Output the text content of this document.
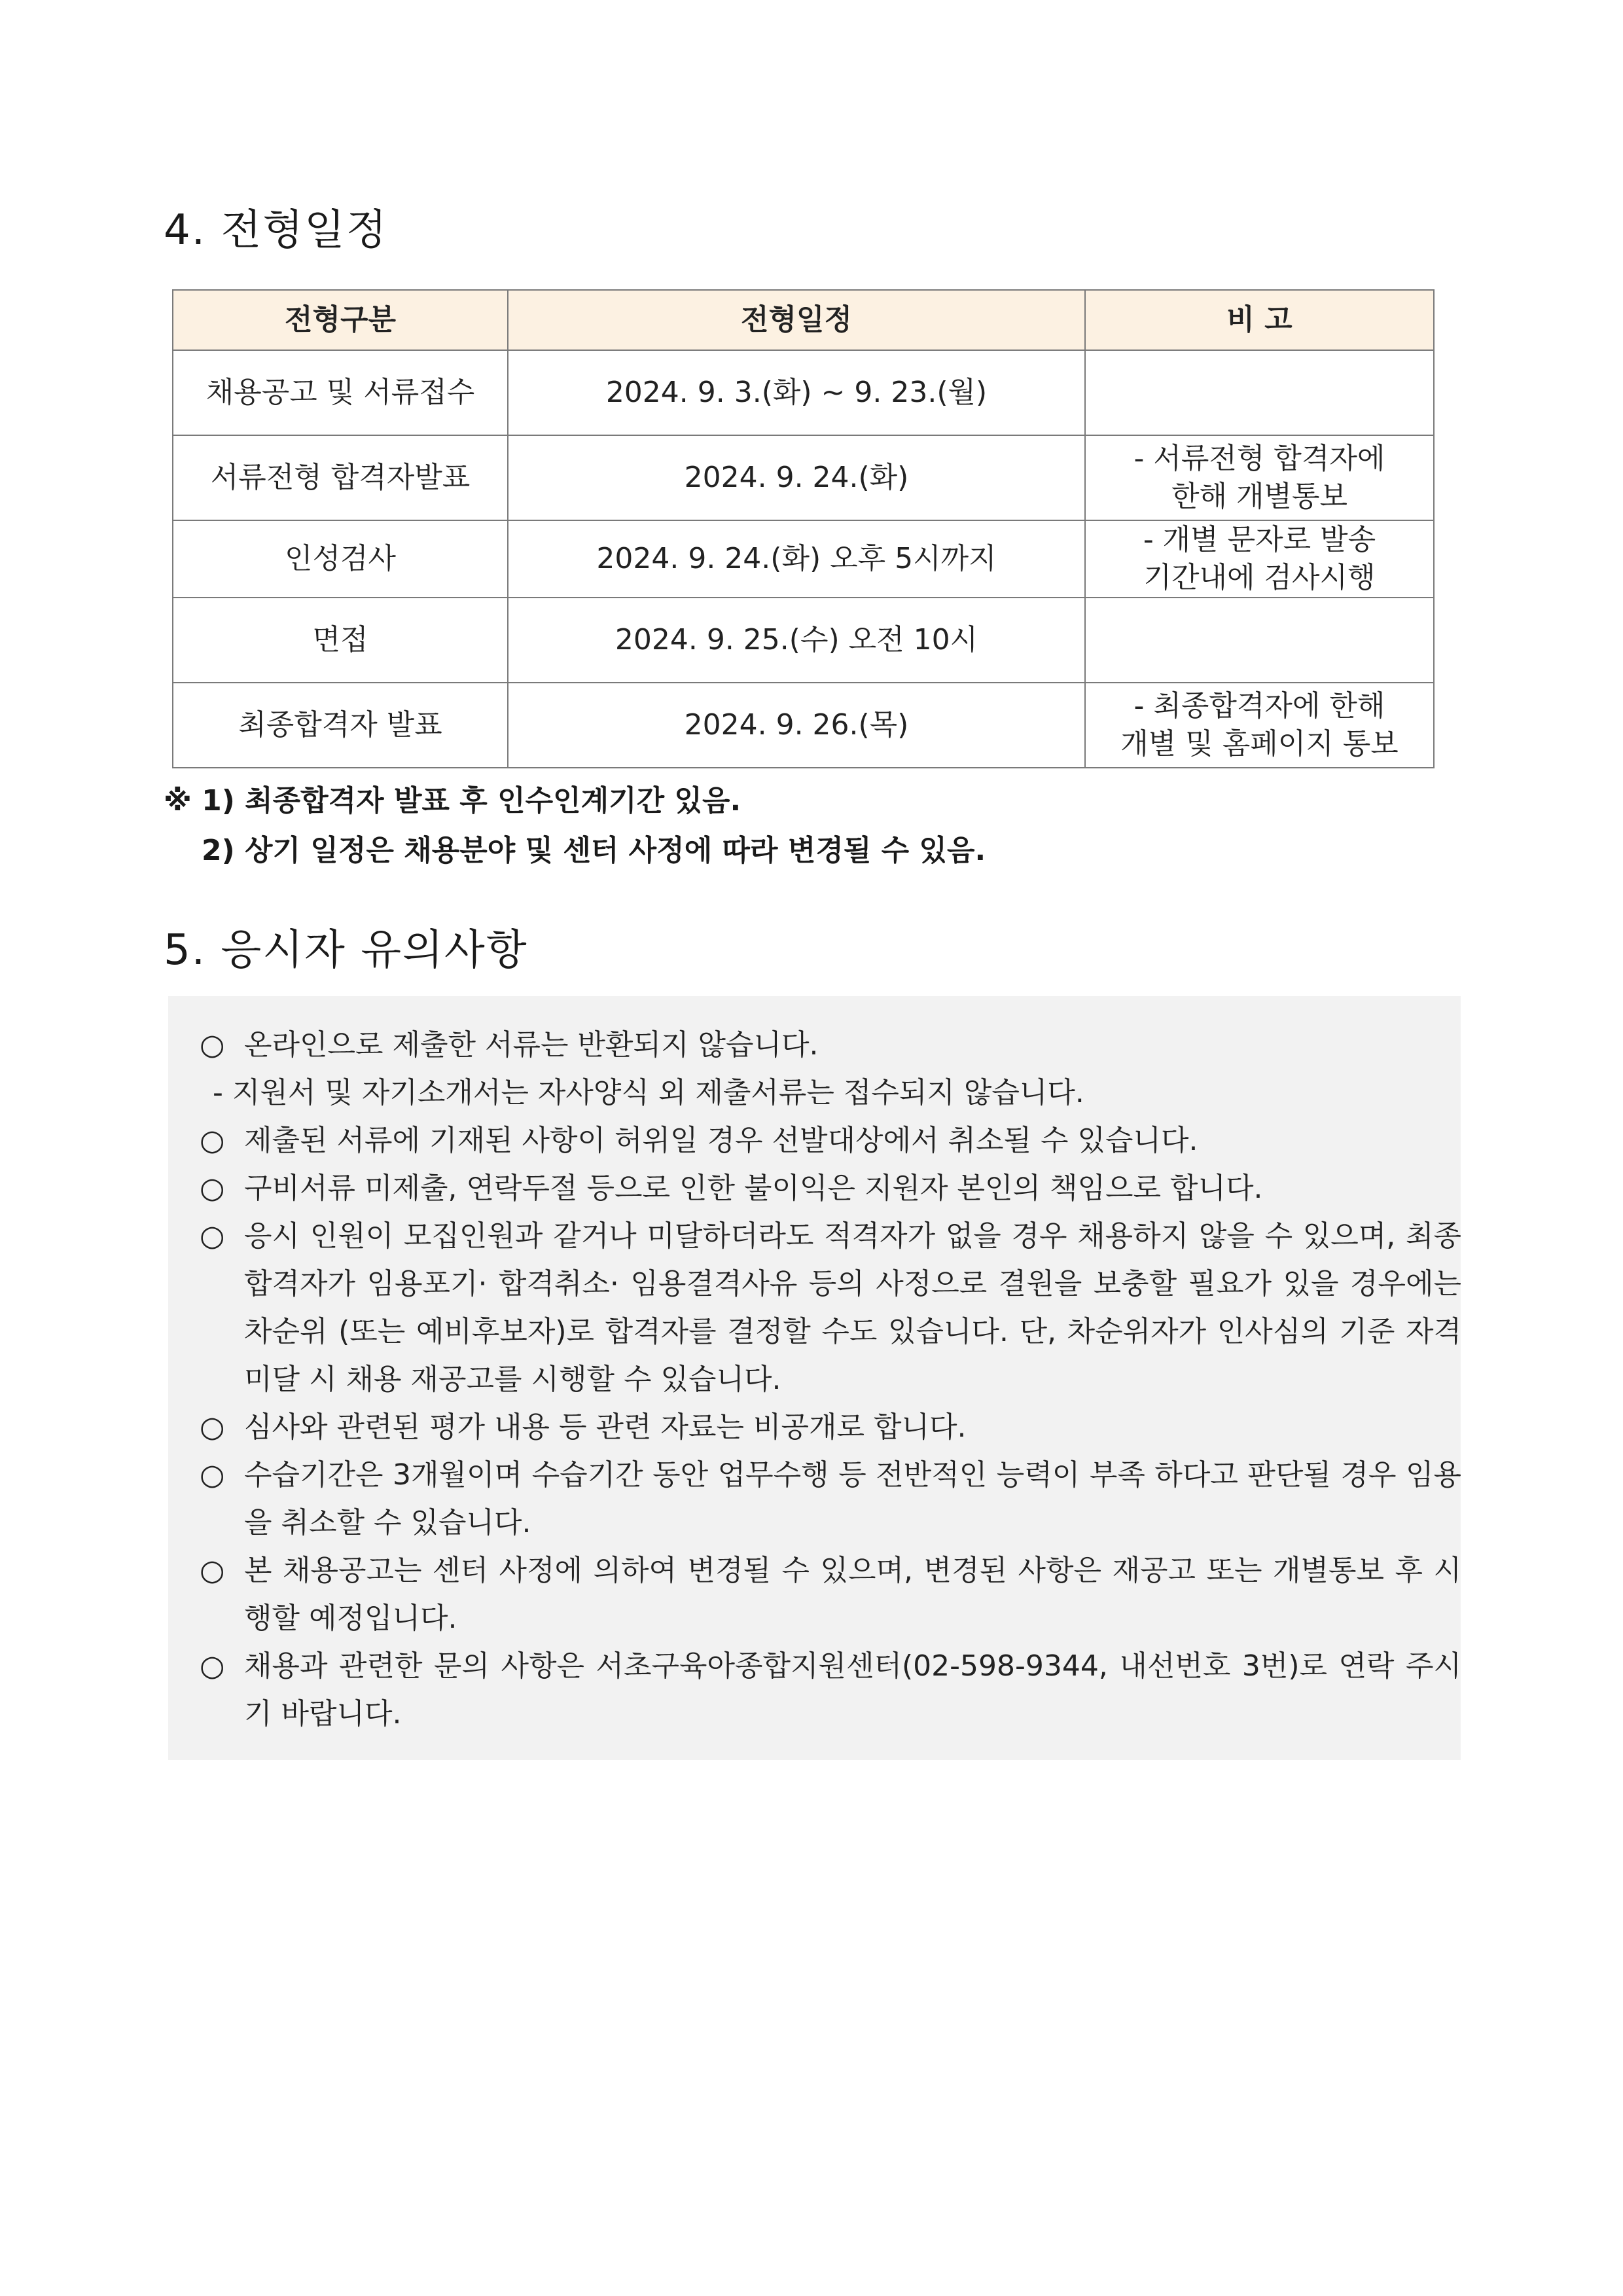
4. 전형일정
전형구분	전형일정	비 고
채용공고 및 서류접수	2024. 9. 3.(화) ~ 9. 23.(월)	
서류전형 합격자발표	2024. 9. 24.(화)	- 서류전형 합격자에
한해 개별통보
인성검사	2024. 9. 24.(화) 오후 5시까지	- 개별 문자로 발송
기간내에 검사시행
면접	2024. 9. 25.(수) 오전 10시	
최종합격자 발표	2024. 9. 26.(목)	- 최종합격자에 한해
개별 및 홈페이지 통보
※ 1) 최종합격자 발표 후 인수인계기간 있음.
2) 상기 일정은 채용분야 및 센터 사정에 따라 변경될 수 있음.
5. 응시자 유의사항
○ 온라인으로 제출한 서류는 반환되지 않습니다.
- 지원서 및 자기소개서는 자사양식 외 제출서류는 접수되지 않습니다.
○ 제출된 서류에 기재된 사항이 허위일 경우 선발대상에서 취소될 수 있습니다.
○ 구비서류 미제출, 연락두절 등으로 인한 불이익은 지원자 본인의 책임으로 합니다.
○ 응시 인원이 모집인원과 같거나 미달하더라도 적격자가 없을 경우 채용하지 않을 수 있으며, 최종합격자가 임용포기· 합격취소· 임용결격사유 등의 사정으로 결원을 보충할 필요가 있을 경우에는 차순위 (또는 예비후보자)로 합격자를 결정할 수도 있습니다. 단, 차순위자가 인사심의 기준 자격 미달 시 채용 재공고를 시행할 수 있습니다.
○ 심사와 관련된 평가 내용 등 관련 자료는 비공개로 합니다.
○ 수습기간은 3개월이며 수습기간 동안 업무수행 등 전반적인 능력이 부족 하다고 판단될 경우 임용을 취소할 수 있습니다.
○ 본 채용공고는 센터 사정에 의하여 변경될 수 있으며, 변경된 사항은 재공고 또는 개별통보 후 시행할 예정입니다.
○ 채용과 관련한 문의 사항은 서초구육아종합지원센터(02-598-9344, 내선번호 3번)로 연락 주시기 바랍니다.
